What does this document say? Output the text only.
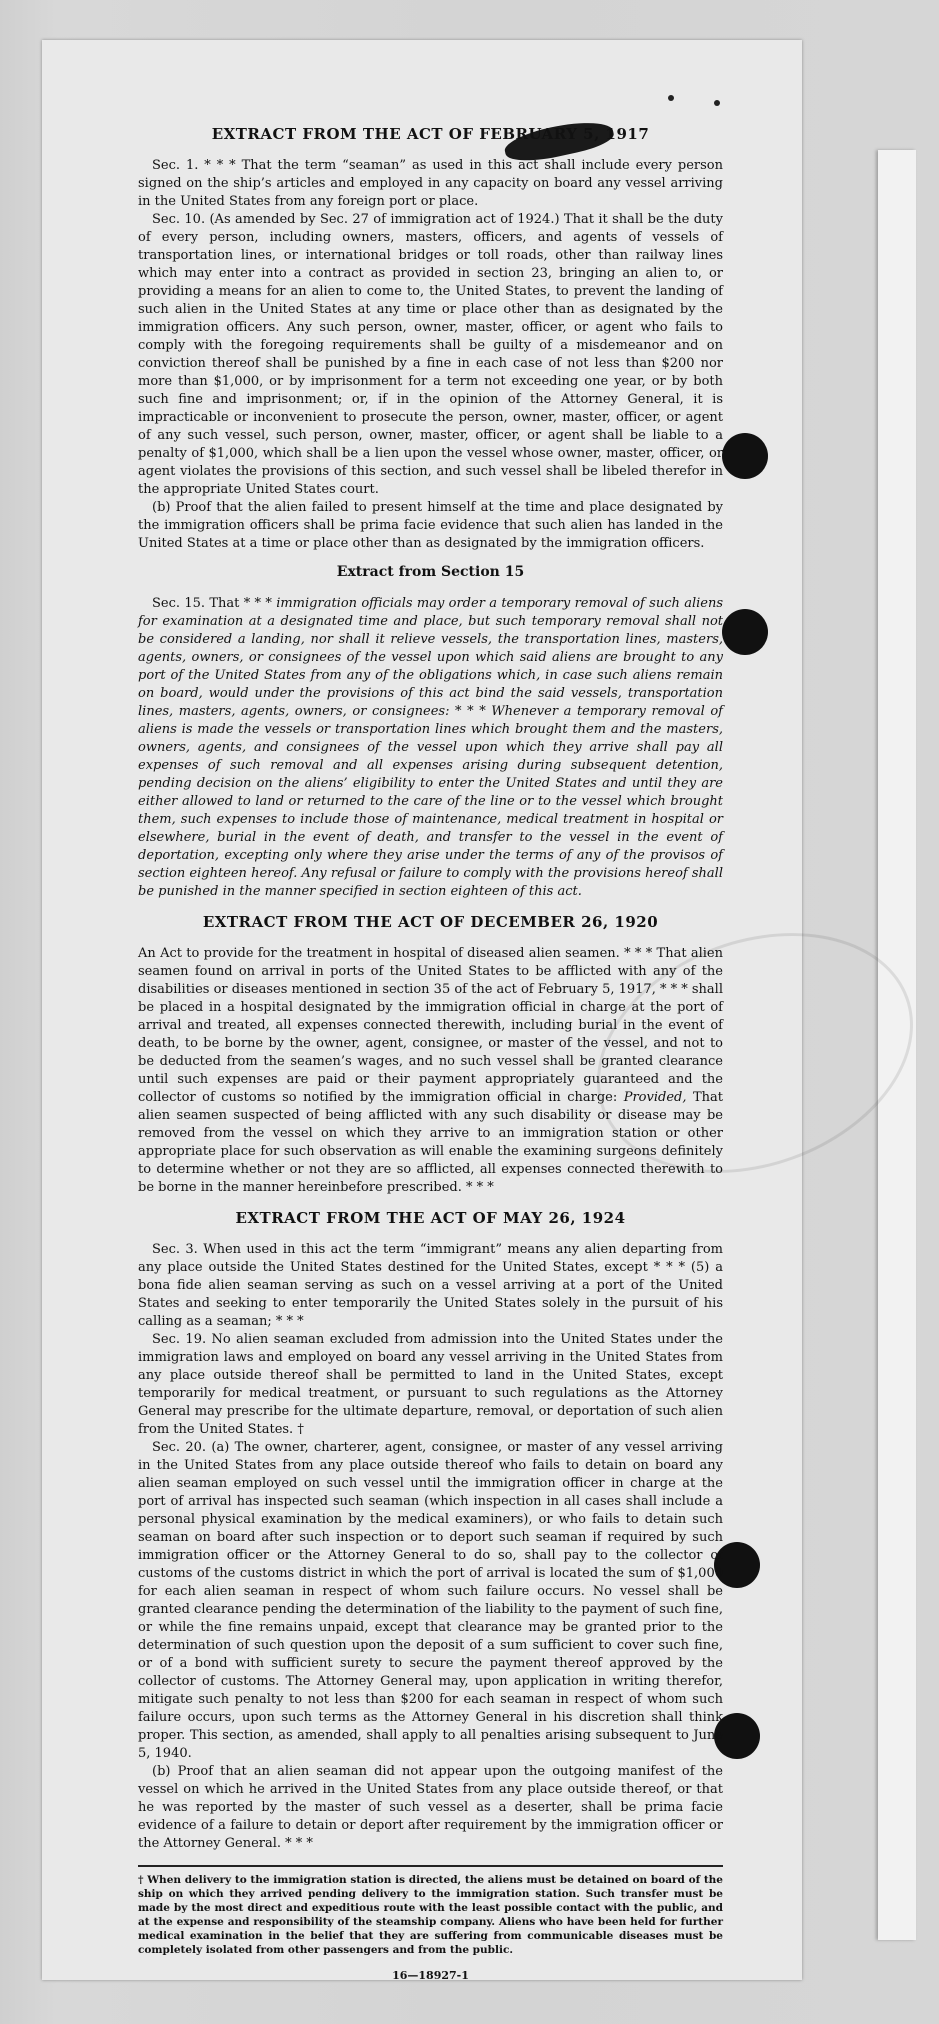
EXTRACT FROM THE ACT OF FEBRUARY 5, 1917

Sec. 1. * * * That the term “seaman” as used in this act shall include every person signed on the ship’s articles and employed in any capacity on board any vessel arriving in the United States from any foreign port or place.

Sec. 10. (As amended by Sec. 27 of immigration act of 1924.) That it shall be the duty of every person, including owners, masters, officers, and agents of vessels of transportation lines, or international bridges or toll roads, other than railway lines which may enter into a contract as provided in section 23, bringing an alien to, or providing a means for an alien to come to, the United States, to prevent the landing of such alien in the United States at any time or place other than as designated by the immigration officers. Any such person, owner, master, officer, or agent who fails to comply with the foregoing requirements shall be guilty of a misdemeanor and on conviction thereof shall be punished by a fine in each case of not less than $200 nor more than $1,000, or by imprisonment for a term not exceeding one year, or by both such fine and imprisonment; or, if in the opinion of the Attorney General, it is impracticable or inconvenient to prosecute the person, owner, master, officer, or agent of any such vessel, such person, owner, master, officer, or agent shall be liable to a penalty of $1,000, which shall be a lien upon the vessel whose owner, master, officer, or agent violates the provisions of this section, and such vessel shall be libeled therefor in the appropriate United States court.

(b) Proof that the alien failed to present himself at the time and place designated by the immigration officers shall be prima facie evidence that such alien has landed in the United States at a time or place other than as designated by the immigration officers.

Extract from Section 15

Sec. 15. That * * * immigration officials may order a temporary removal of such aliens for examination at a designated time and place, but such temporary removal shall not be considered a landing, nor shall it relieve vessels, the transportation lines, masters, agents, owners, or consignees of the vessel upon which said aliens are brought to any port of the United States from any of the obligations which, in case such aliens remain on board, would under the provisions of this act bind the said vessels, transportation lines, masters, agents, owners, or consignees: * * * Whenever a temporary removal of aliens is made the vessels or transportation lines which brought them and the masters, owners, agents, and consignees of the vessel upon which they arrive shall pay all expenses of such removal and all expenses arising during subsequent detention, pending decision on the aliens’ eligibility to enter the United States and until they are either allowed to land or returned to the care of the line or to the vessel which brought them, such expenses to include those of maintenance, medical treatment in hospital or elsewhere, burial in the event of death, and transfer to the vessel in the event of deportation, excepting only where they arise under the terms of any of the provisos of section eighteen hereof. Any refusal or failure to comply with the provisions hereof shall be punished in the manner specified in section eighteen of this act.

EXTRACT FROM THE ACT OF DECEMBER 26, 1920

An Act to provide for the treatment in hospital of diseased alien seamen. * * * That alien seamen found on arrival in ports of the United States to be afflicted with any of the disabilities or diseases mentioned in section 35 of the act of February 5, 1917, * * * shall be placed in a hospital designated by the immigration official in charge at the port of arrival and treated, all expenses connected therewith, including burial in the event of death, to be borne by the owner, agent, consignee, or master of the vessel, and not to be deducted from the seamen’s wages, and no such vessel shall be granted clearance until such expenses are paid or their payment appropriately guaranteed and the collector of customs so notified by the immigration official in charge: Provided, That alien seamen suspected of being afflicted with any such disability or disease may be removed from the vessel on which they arrive to an immigration station or other appropriate place for such observation as will enable the examining surgeons definitely to determine whether or not they are so afflicted, all expenses connected therewith to be borne in the manner hereinbefore prescribed. * * *

EXTRACT FROM THE ACT OF MAY 26, 1924

Sec. 3. When used in this act the term “immigrant” means any alien departing from any place outside the United States destined for the United States, except * * * (5) a bona fide alien seaman serving as such on a vessel arriving at a port of the United States and seeking to enter temporarily the United States solely in the pursuit of his calling as a seaman; * * *

Sec. 19. No alien seaman excluded from admission into the United States under the immigration laws and employed on board any vessel arriving in the United States from any place outside thereof shall be permitted to land in the United States, except temporarily for medical treatment, or pursuant to such regulations as the Attorney General may prescribe for the ultimate departure, removal, or deportation of such alien from the United States. †

Sec. 20. (a) The owner, charterer, agent, consignee, or master of any vessel arriving in the United States from any place outside thereof who fails to detain on board any alien seaman employed on such vessel until the immigration officer in charge at the port of arrival has inspected such seaman (which inspection in all cases shall include a personal physical examination by the medical examiners), or who fails to detain such seaman on board after such inspection or to deport such seaman if required by such immigration officer or the Attorney General to do so, shall pay to the collector of customs of the customs district in which the port of arrival is located the sum of $1,000 for each alien seaman in respect of whom such failure occurs. No vessel shall be granted clearance pending the determination of the liability to the payment of such fine, or while the fine remains unpaid, except that clearance may be granted prior to the determination of such question upon the deposit of a sum sufficient to cover such fine, or of a bond with sufficient surety to secure the payment thereof approved by the collector of customs. The Attorney General may, upon application in writing therefor, mitigate such penalty to not less than $200 for each seaman in respect of whom such failure occurs, upon such terms as the Attorney General in his discretion shall think proper. This section, as amended, shall apply to all penalties arising subsequent to June 5, 1940.

(b) Proof that an alien seaman did not appear upon the outgoing manifest of the vessel on which he arrived in the United States from any place outside thereof, or that he was reported by the master of such vessel as a deserter, shall be prima facie evidence of a failure to detain or deport after requirement by the immigration officer or the Attorney General. * * *

† When delivery to the immigration station is directed, the aliens must be detained on board of the ship on which they arrived pending delivery to the immigration station. Such transfer must be made by the most direct and expeditious route with the least possible contact with the public, and at the expense and responsibility of the steamship company. Aliens who have been held for further medical examination in the belief that they are suffering from communicable diseases must be completely isolated from other passengers and from the public.
16—18927-1
